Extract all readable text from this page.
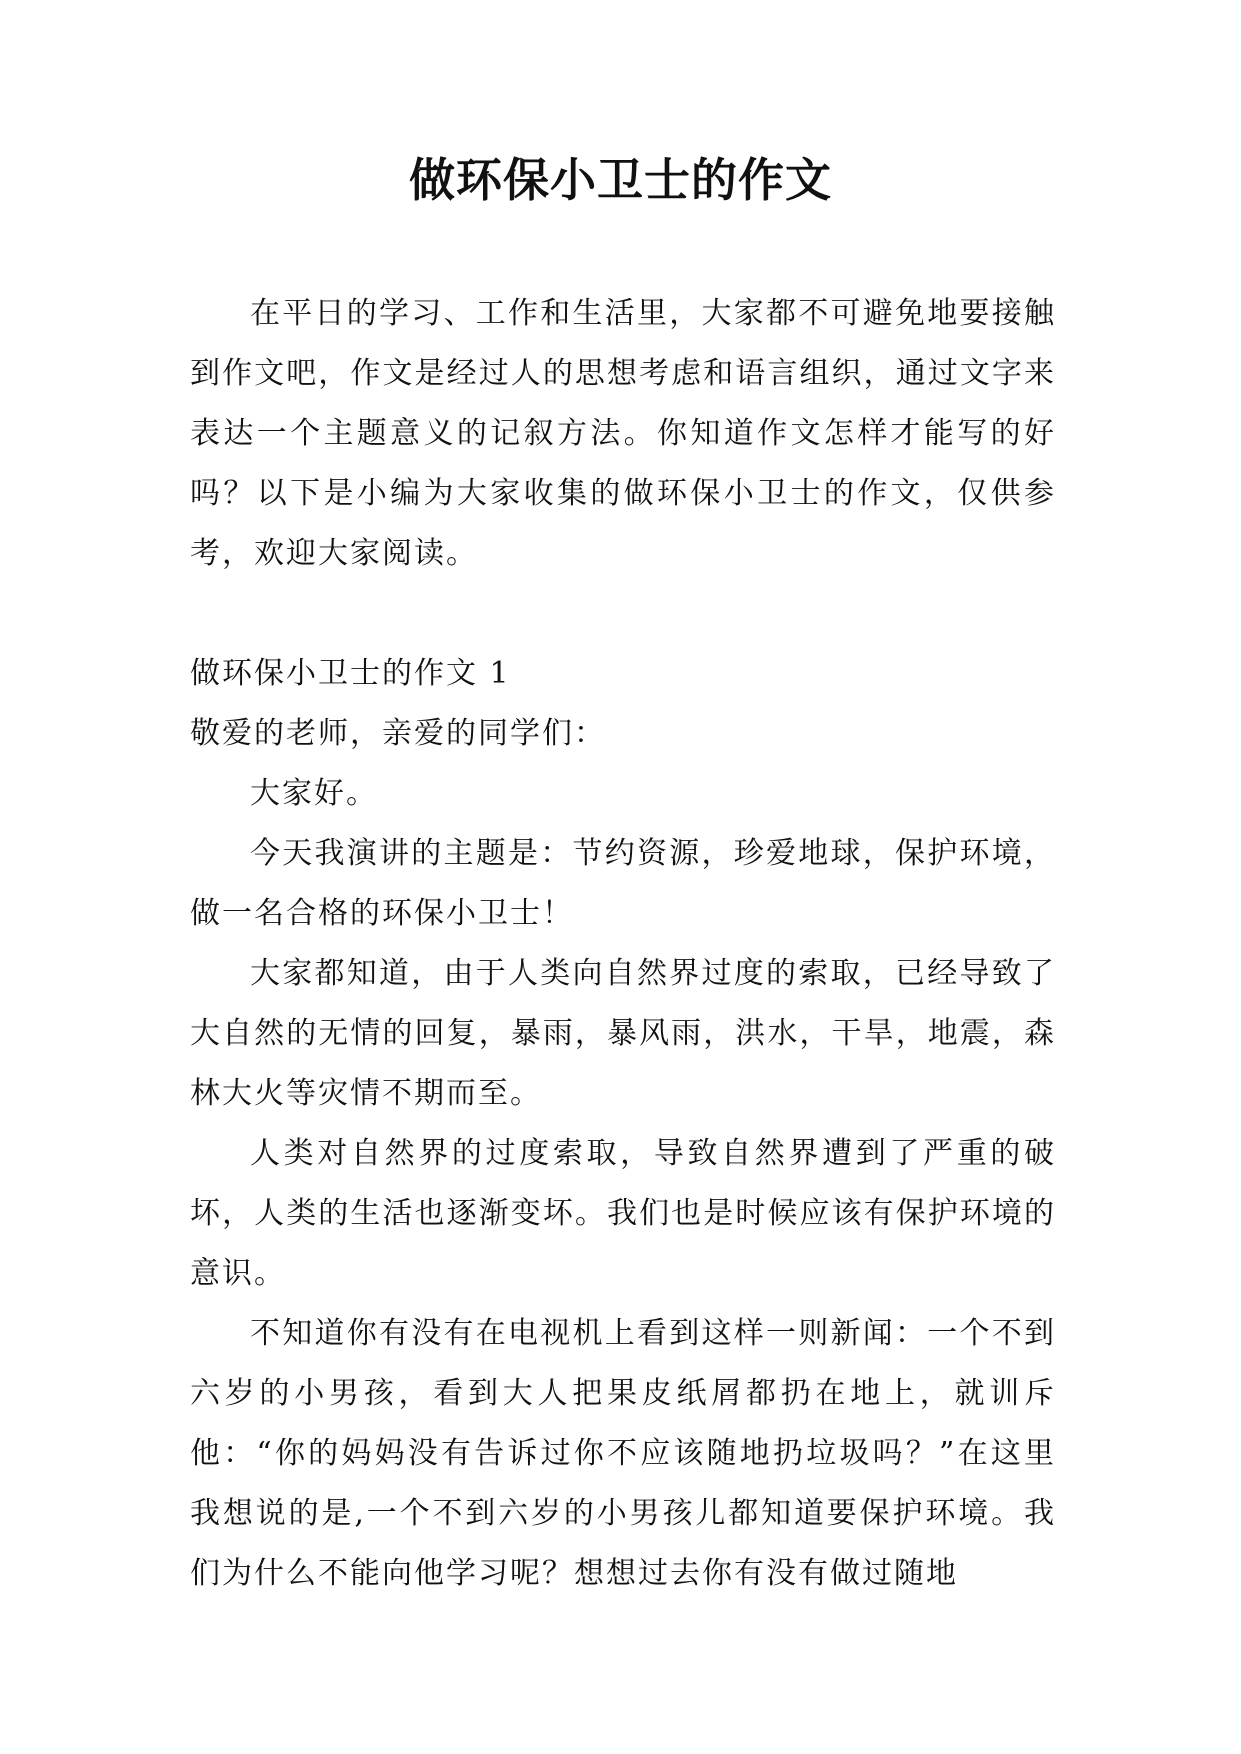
做环保小卫士的作文

在平日的学习、工作和生活里，大家都不可避免地要接触到作文吧，作文是经过人的思想考虑和语言组织，通过文字来表达一个主题意义的记叙方法。你知道作文怎样才能写的好吗？以下是小编为大家收集的做环保小卫士的作文，仅供参考，欢迎大家阅读。

做环保小卫士的作文 1

敬爱的老师，亲爱的同学们：

大家好。

今天我演讲的主题是：节约资源，珍爱地球，保护环境，做一名合格的环保小卫士！

大家都知道，由于人类向自然界过度的索取，已经导致了大自然的无情的回复，暴雨，暴风雨，洪水，干旱，地震，森林大火等灾情不期而至。

人类对自然界的过度索取，导致自然界遭到了严重的破坏，人类的生活也逐渐变坏。我们也是时候应该有保护环境的意识。

不知道你有没有在电视机上看到这样一则新闻：一个不到六岁的小男孩，看到大人把果皮纸屑都扔在地上，就训斥他：“你的妈妈没有告诉过你不应该随地扔垃圾吗？”在这里我想说的是,一个不到六岁的小男孩儿都知道要保护环境。我们为什么不能向他学习呢？想想过去你有没有做过随地
